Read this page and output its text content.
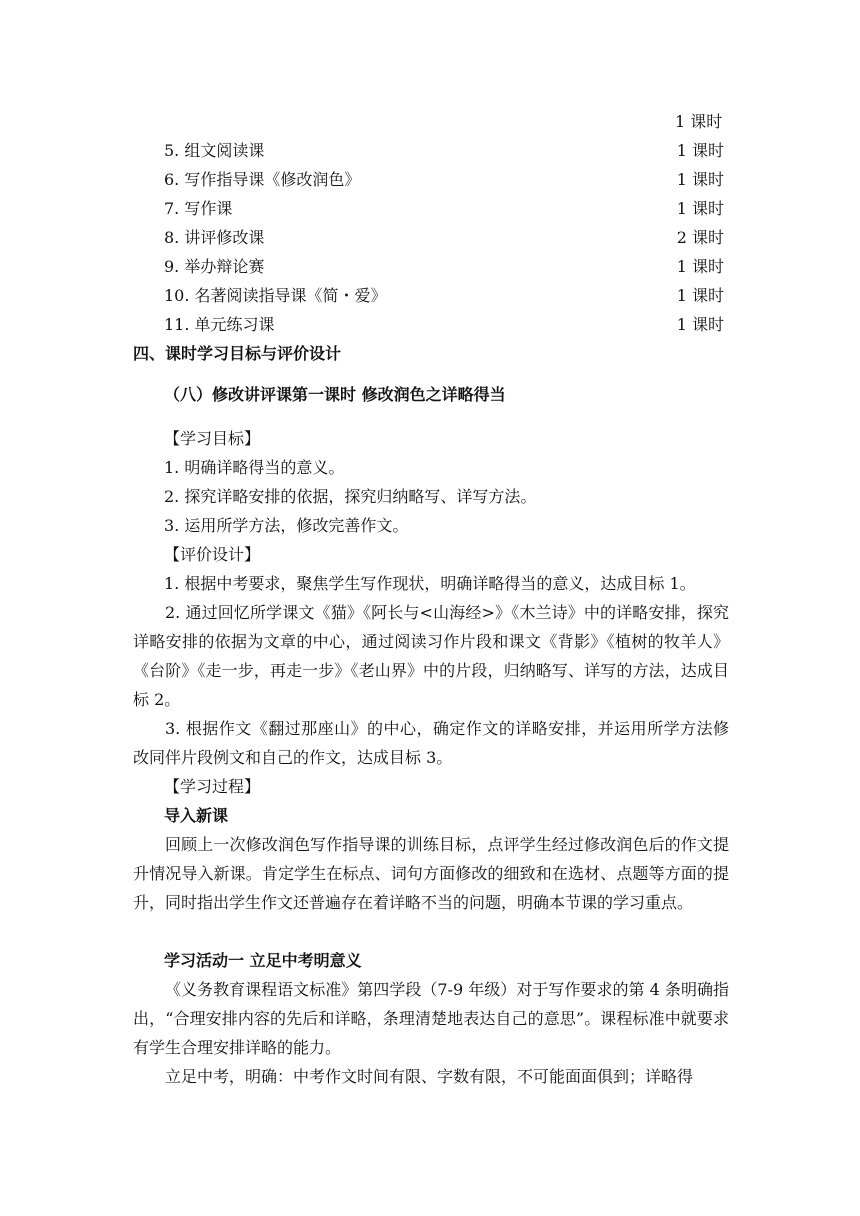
1 课时
5. 组文阅读课	1 课时
6. 写作指导课《修改润色》	1 课时
7. 写作课	1 课时
8. 讲评修改课	2 课时
9. 举办辩论赛	1 课时
10. 名著阅读指导课《简・爱》	1 课时
11. 单元练习课	1 课时
四、课时学习目标与评价设计
（八）修改讲评课第一课时 修改润色之详略得当
【学习目标】
1. 明确详略得当的意义。
2. 探究详略安排的依据，探究归纳略写、详写方法。
3. 运用所学方法，修改完善作文。
【评价设计】
1. 根据中考要求，聚焦学生写作现状，明确详略得当的意义，达成目标 1。
2. 通过回忆所学课文《猫》《阿长与<山海经>》《木兰诗》中的详略安排，探究详略安排的依据为文章的中心，通过阅读习作片段和课文《背影》《植树的牧羊人》《台阶》《走一步，再走一步》《老山界》中的片段，归纳略写、详写的方法，达成目标 2。
3. 根据作文《翻过那座山》的中心，确定作文的详略安排，并运用所学方法修改同伴片段例文和自己的作文，达成目标 3。
【学习过程】
导入新课
回顾上一次修改润色写作指导课的训练目标，点评学生经过修改润色后的作文提升情况导入新课。肯定学生在标点、词句方面修改的细致和在选材、点题等方面的提升，同时指出学生作文还普遍存在着详略不当的问题，明确本节课的学习重点。
学习活动一 立足中考明意义
《义务教育课程语文标准》第四学段（7-9 年级）对于写作要求的第 4 条明确指出，“合理安排内容的先后和详略，条理清楚地表达自己的意思”。课程标准中就要求有学生合理安排详略的能力。
立足中考，明确：中考作文时间有限、字数有限，不可能面面俱到；详略得
